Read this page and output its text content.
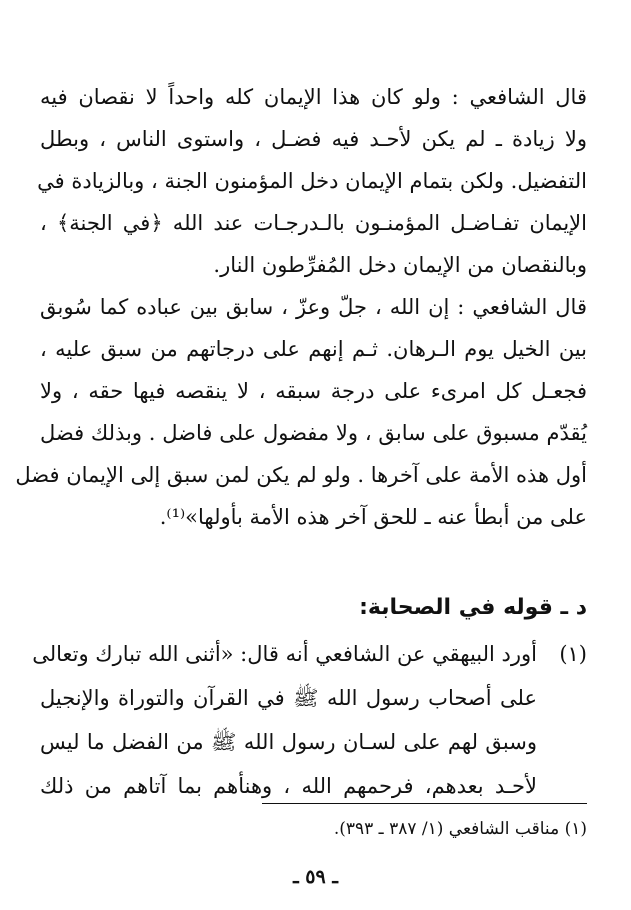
قال الشافعي : ولو كان هذا الإيمان كله واحداً لا نقصان فيه
ولا زيادة ـ لم يكن لأحـد فيه فضـل ، واستوى الناس ، وبطل
التفضيل. ولكن بتمام الإيمان دخل المؤمنون الجنة ، وبالزيادة في
الإيمان تفـاضـل المؤمنـون بالـدرجـات عند الله ﴿في الجنة﴾ ،
وبالنقصان من الإيمان دخل المُفرِّطون النار.
قال الشافعي : إن الله ، جلّ وعزّ ، سابق بين عباده كما سُوبق
بين الخيل يوم الـرهان. ثـم إنهم على درجاتهم من سبق عليه ،
فجعـل كل امرىء على درجة سبقه ، لا ينقصه فيها حقه ، ولا
يُقدّم مسبوق على سابق ، ولا مفضول على فاضل . وبذلك فضل
أول هذه الأمة على آخرها . ولو لم يكن لمن سبق إلى الإيمان فضل
على من أبطأ عنه ـ للحق آخر هذه الأمة بأولها»⁽¹⁾.
د ـ قوله في الصحابة:
(١)
أورد البيهقي عن الشافعي أنه قال: «أثنى الله تبارك وتعالى
على أصحاب رسول الله ﷺ في القرآن والتوراة والإنجيل
وسبق لهم على لسـان رسول الله ﷺ من الفضل ما ليس
لأحـد بعدهم، فرحمهم الله ، وهنأهم بما آتاهم من ذلك

(١) مناقب الشافعي (١/ ٣٨٧ ـ ٣٩٣).

ـ ٥٩ ـ
